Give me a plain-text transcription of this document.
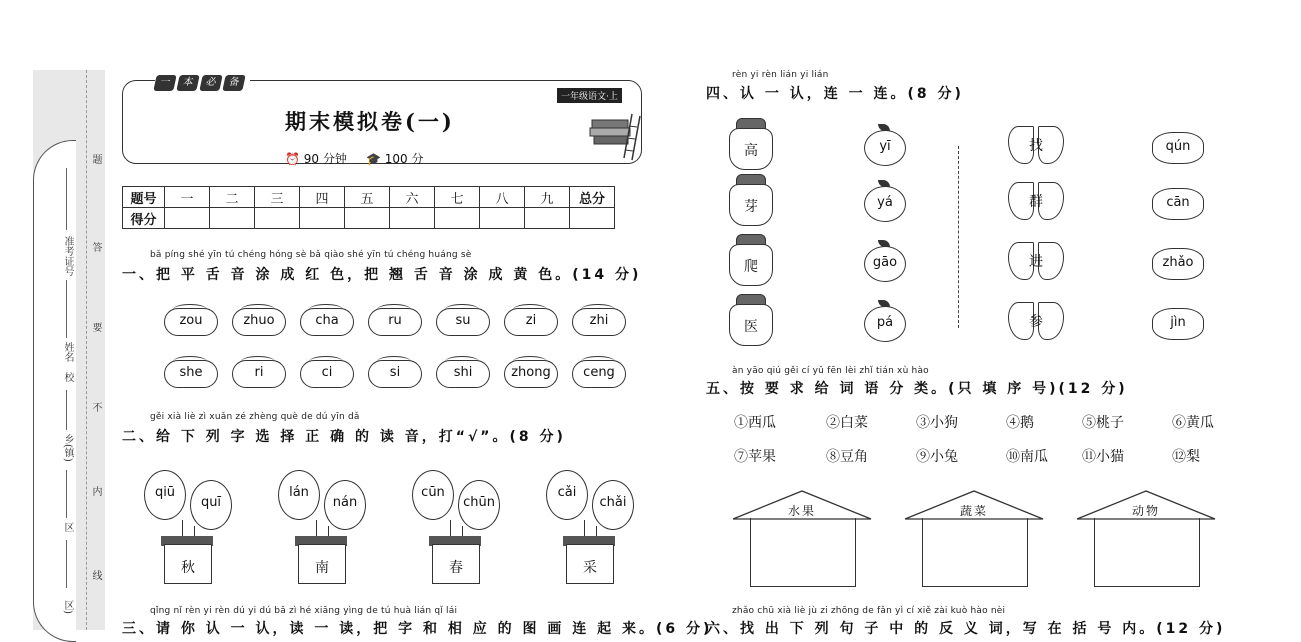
准考证号
姓名
校
乡(镇)
区
区)
题
答
要
不
内
线
一 本 必 备
一年级语文·上
期末模拟卷(一)
⏰ 90 分钟 🎓 100 分
题号	一	二	三	四	五	六	七	八	九	总分
得分										
bǎ píng shé yīn tú chéng hóng sè bǎ qiào shé yīn tú chéng huáng sè
一、把 平 舌 音 涂 成 红 色，把 翘 舌 音 涂 成 黄 色。(14 分)
gěi xià liè zì xuǎn zé zhèng què de dú yīn dǎ
二、给 下 列 字 选 择 正 确 的 读 音，打“√”。(8 分)
qǐng nǐ rèn yi rèn dú yi dú bǎ zì hé xiāng yìng de tú huà lián qǐ lái
三、请 你 认 一 认，读 一 读，把 字 和 相 应 的 图 画 连 起 来。(6 分)
rèn yi rèn lián yi lián
四、认 一 认，连 一 连。(8 分)
àn yāo qiú gěi cí yǔ fēn lèi zhǐ tián xù hào
五、按 要 求 给 词 语 分 类。(只 填 序 号)(12 分)
zhǎo chū xià liè jù zi zhōng de fǎn yì cí xiě zài kuò hào nèi
六、找 出 下 列 句 子 中 的 反 义 词，写 在 括 号 内。(12 分)
zou	zhuo	cha	ru	su	zi	zhi
she	ri	ci	si	shi	zhong	ceng
qiū
quī
秋
lán
nán
南
cūn
chūn
春
cǎi
chǎi
采
高
芽
爬
医
yī
yá
gāo
pá
找
群
进
参
qún
cān
zhǎo
jìn
①西瓜	②白菜	③小狗	④鹅	⑤桃子	⑥黄瓜
⑦苹果	⑧豆角	⑨小兔	⑩南瓜 ⑪小猫	⑫梨
水果	蔬菜	动物
